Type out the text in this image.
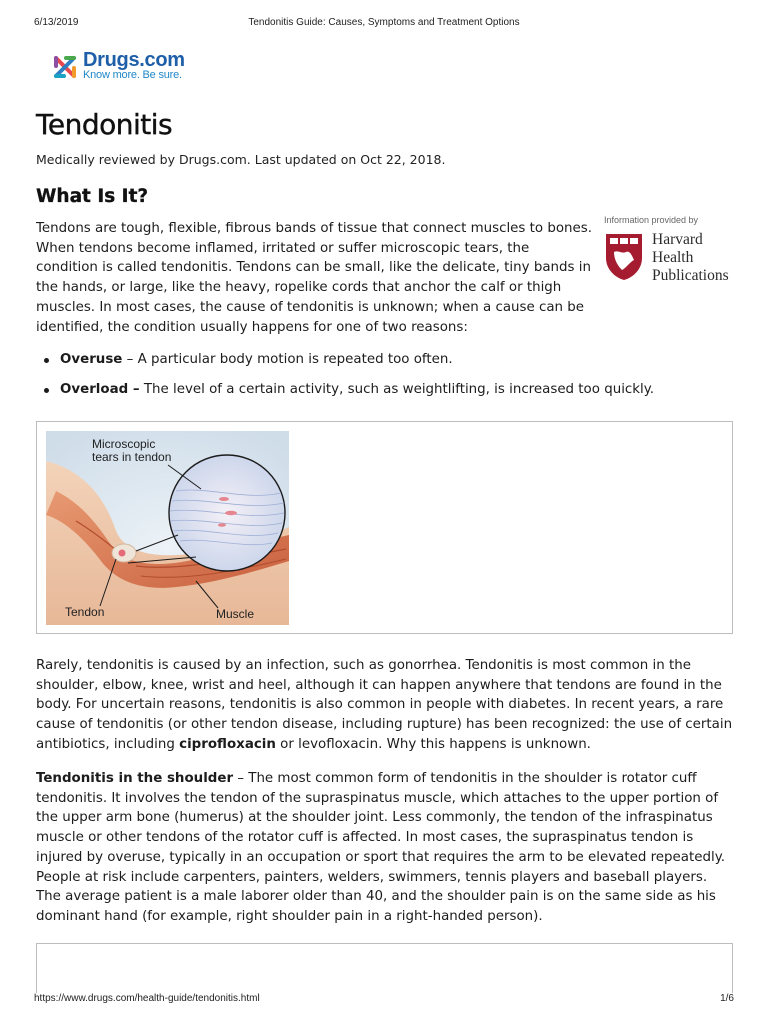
6/13/2019	Tendonitis Guide: Causes, Symptoms and Treatment Options
Drugs.com
Know more. Be sure.
Tendonitis

Medically reviewed by Drugs.com. Last updated on Oct 22, 2018.

What Is It?

Tendons are tough, flexible, fibrous bands of tissue that connect muscles to bones. When tendons become inflamed, irritated or suffer microscopic tears, the condition is called tendonitis. Tendons can be small, like the delicate, tiny bands in the hands, or large, like the heavy, ropelike cords that anchor the calf or thigh muscles. In most cases, the cause of tendonitis is unknown; when a cause can be identified, the condition usually happens for one of two reasons:

Information provided by
Harvard
Health
Publications
Overuse – A particular body motion is repeated too often.
Overload – The level of a certain activity, such as weightlifting, is increased too quickly.
Microscopic
tears in tendon
Tendon	Muscle

Rarely, tendonitis is caused by an infection, such as gonorrhea. Tendonitis is most common in the shoulder, elbow, knee, wrist and heel, although it can happen anywhere that tendons are found in the body. For uncertain reasons, tendonitis is also common in people with diabetes. In recent years, a rare cause of tendonitis (or other tendon disease, including rupture) has been recognized: the use of certain antibiotics, including ciprofloxacin or levofloxacin. Why this happens is unknown.

Tendonitis in the shoulder – The most common form of tendonitis in the shoulder is rotator cuff tendonitis. It involves the tendon of the supraspinatus muscle, which attaches to the upper portion of the upper arm bone (humerus) at the shoulder joint. Less commonly, the tendon of the infraspinatus muscle or other tendons of the rotator cuff is affected. In most cases, the supraspinatus tendon is injured by overuse, typically in an occupation or sport that requires the arm to be elevated repeatedly. People at risk include carpenters, painters, welders, swimmers, tennis players and baseball players. The average patient is a male laborer older than 40, and the shoulder pain is on the same side as his dominant hand (for example, right shoulder pain in a right-handed person).

https://www.drugs.com/health-guide/tendonitis.html	1/6
